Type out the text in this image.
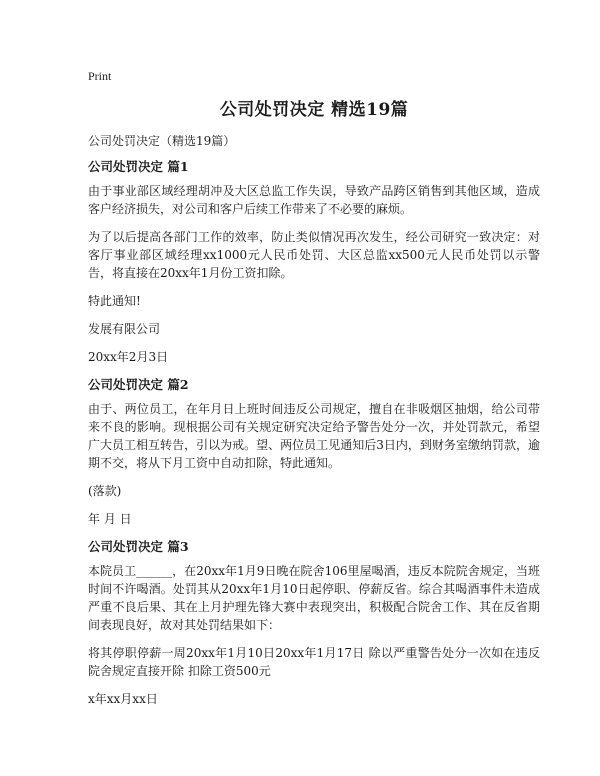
Print
公司处罚决定 精选19篇
公司处罚决定（精选19篇）
公司处罚决定 篇1

由于事业部区域经理胡冲及大区总监工作失误，导致产品跨区销售到其他区域，造成客户经济损失，对公司和客户后续工作带来了不必要的麻烦。

为了以后提高各部门工作的效率，防止类似情况再次发生，经公司研究一致决定：对客厅事业部区域经理xx1000元人民币处罚、大区总监xx500元人民币处罚以示警告，将直接在20xx年1月份工资扣除。

特此通知!

发展有限公司

20xx年2月3日

公司处罚决定 篇2

由于、两位员工，在年月日上班时间违反公司规定，擅自在非吸烟区抽烟，给公司带来不良的影响。现根据公司有关规定研究决定给予警告处分一次，并处罚款元，希望广大员工相互转告，引以为戒。望、两位员工见通知后3日内，到财务室缴纳罚款，逾期不交，将从下月工资中自动扣除，特此通知。

(落款)

年 月 日

公司处罚决定 篇3

本院员工______，在20xx年1月9日晚在院舍106里屋喝酒，违反本院院舍规定，当班时间不许喝酒。处罚其从20xx年1月10日起停职、停薪反省。综合其喝酒事件未造成严重不良后果、其在上月护理先锋大赛中表现突出，积极配合院舍工作、其在反省期间表现良好，故对其处罚结果如下：

将其停职停薪一周20xx年1月10日20xx年1月17日 除以严重警告处分一次如在违反院舍规定直接开除 扣除工资500元

x年xx月xx日
